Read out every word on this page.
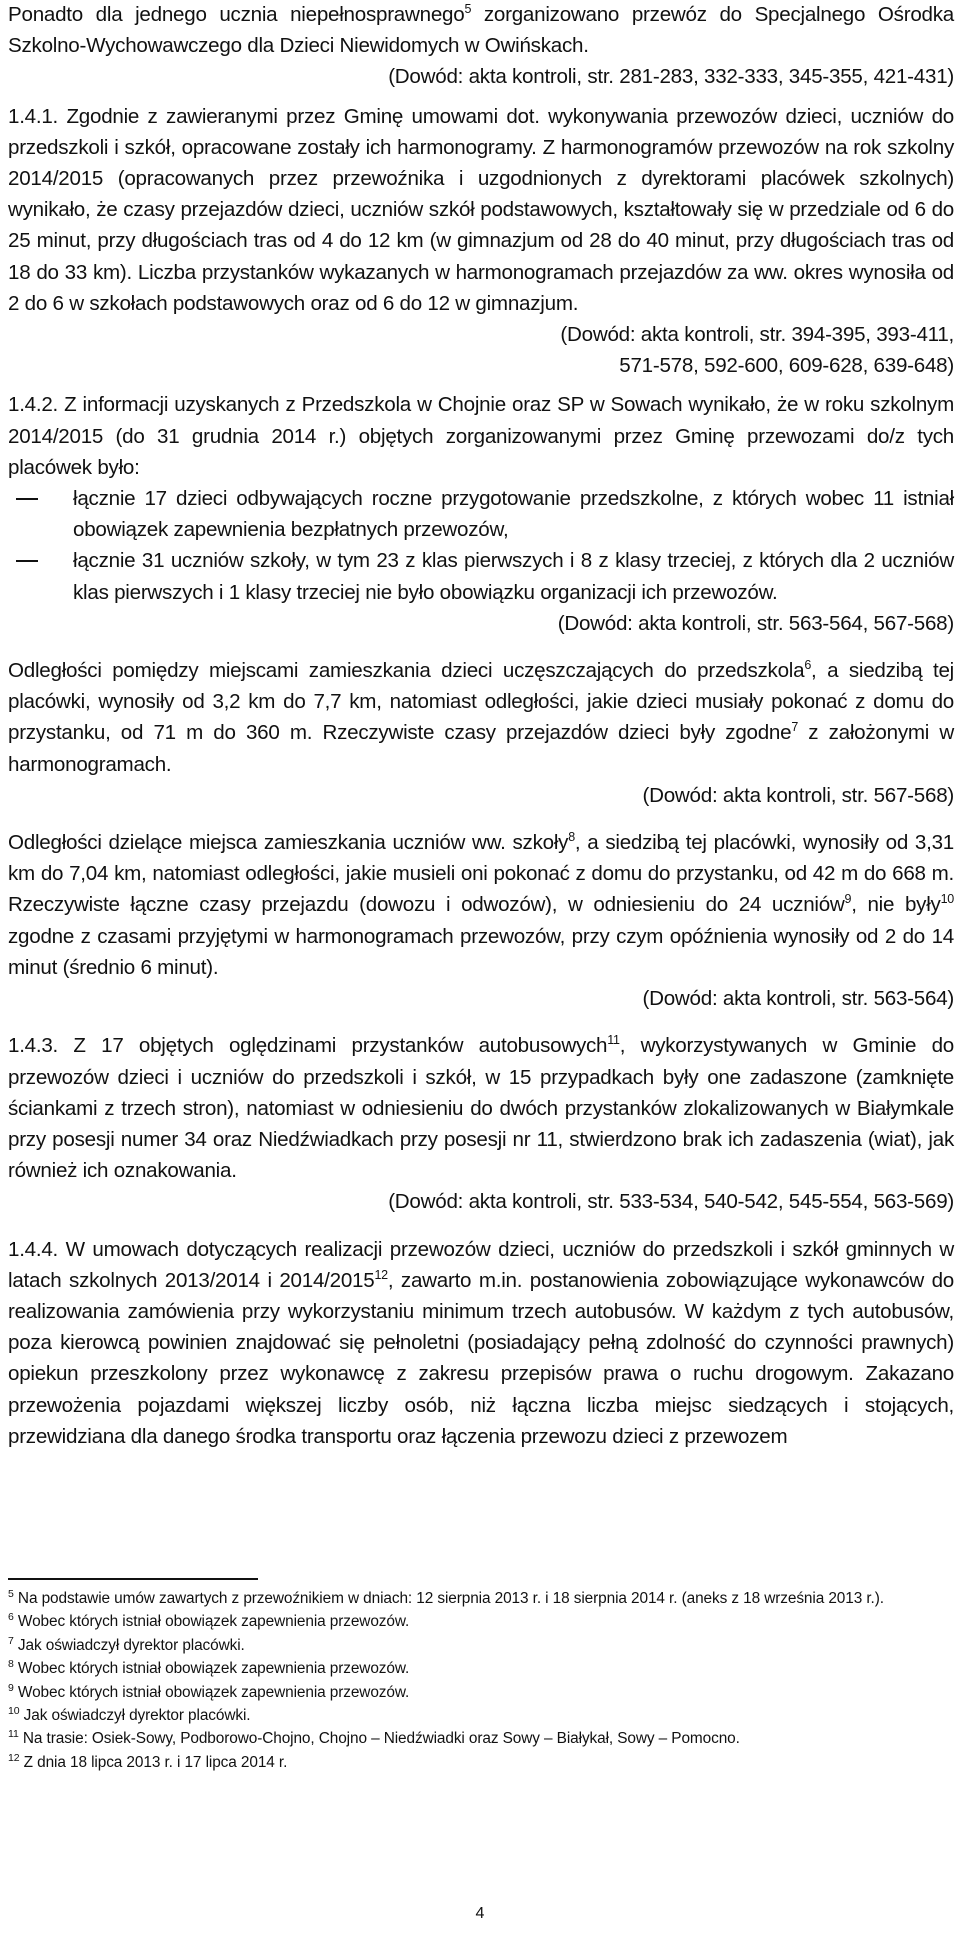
Ponadto dla jednego ucznia niepełnosprawnego$^5$ zorganizowano przewóz do Specjalnego Ośrodka Szkolno-Wychowawczego dla Dzieci Niewidomych w Owińskach.

(Dowód: akta kontroli, str. 281-283, 332-333, 345-355, 421-431)

1.4.1. Zgodnie z zawieranymi przez Gminę umowami dot. wykonywania przewozów dzieci, uczniów do przedszkoli i szkół, opracowane zostały ich harmonogramy. Z harmonogramów przewozów na rok szkolny 2014/2015 (opracowanych przez przewoźnika i uzgodnionych z dyrektorami placówek szkolnych) wynikało, że czasy przejazdów dzieci, uczniów szkół podstawowych, kształtowały się w przedziale od 6 do 25 minut, przy długościach tras od 4 do 12 km (w gimnazjum od 28 do 40 minut, przy długościach tras od 18 do 33 km). Liczba przystanków wykazanych w harmonogramach przejazdów za ww. okres wynosiła od 2 do 6 w szkołach podstawowych oraz od 6 do 12 w gimnazjum.

(Dowód: akta kontroli, str. 394-395, 393-411,

571-578, 592-600, 609-628, 639-648)

1.4.2. Z informacji uzyskanych z Przedszkola w Chojnie oraz SP w Sowach wynikało, że w roku szkolnym 2014/2015 (do 31 grudnia 2014 r.) objętych zorganizowanymi przez Gminę przewozami do/z tych placówek było:

łącznie 17 dzieci odbywających roczne przygotowanie przedszkolne, z których wobec 11 istniał obowiązek zapewnienia bezpłatnych przewozów,
łącznie 31 uczniów szkoły, w tym 23 z klas pierwszych i 8 z klasy trzeciej, z których dla 2 uczniów klas pierwszych i 1 klasy trzeciej nie było obowiązku organizacji ich przewozów.

(Dowód: akta kontroli, str. 563-564, 567-568)

Odległości pomiędzy miejscami zamieszkania dzieci uczęszczających do przedszkola$^6$, a siedzibą tej placówki, wynosiły od 3,2 km do 7,7 km, natomiast odległości, jakie dzieci musiały pokonać z domu do przystanku, od 71 m do 360 m. Rzeczywiste czasy przejazdów dzieci były zgodne$^7$ z założonymi w harmonogramach.

(Dowód: akta kontroli, str. 567-568)

Odległości dzielące miejsca zamieszkania uczniów ww. szkoły$^8$, a siedzibą tej placówki, wynosiły od 3,31 km do 7,04 km, natomiast odległości, jakie musieli oni pokonać z domu do przystanku, od 42 m do 668 m. Rzeczywiste łączne czasy przejazdu (dowozu i odwozów), w odniesieniu do 24 uczniów$^9$, nie były$^{10}$ zgodne z czasami przyjętymi w harmonogramach przewozów, przy czym opóźnienia wynosiły od 2 do 14 minut (średnio 6 minut).

(Dowód: akta kontroli, str. 563-564)

1.4.3. Z 17 objętych oględzinami przystanków autobusowych$^{11}$, wykorzystywanych w Gminie do przewozów dzieci i uczniów do przedszkoli i szkół, w 15 przypadkach były one zadaszone (zamknięte ściankami z trzech stron), natomiast w odniesieniu do dwóch przystanków zlokalizowanych w Białymkale przy posesji numer 34 oraz Niedźwiadkach przy posesji nr 11, stwierdzono brak ich zadaszenia (wiat), jak również ich oznakowania.

(Dowód: akta kontroli, str. 533-534, 540-542, 545-554, 563-569)

1.4.4. W umowach dotyczących realizacji przewozów dzieci, uczniów do przedszkoli i szkół gminnych w latach szkolnych 2013/2014 i 2014/2015$^{12}$, zawarto m.in. postanowienia zobowiązujące wykonawców do realizowania zamówienia przy wykorzystaniu minimum trzech autobusów. W każdym z tych autobusów, poza kierowcą powinien znajdować się pełnoletni (posiadający pełną zdolność do czynności prawnych) opiekun przeszkolony przez wykonawcę z zakresu przepisów prawa o ruchu drogowym. Zakazano przewożenia pojazdami większej liczby osób, niż łączna liczba miejsc siedzących i stojących, przewidziana dla danego środka transportu oraz łączenia przewozu dzieci z przewozem

$^5$ Na podstawie umów zawartych z przewoźnikiem w dniach: 12 sierpnia 2013 r. i 18 sierpnia 2014 r. (aneks z 18 września 2013 r.).

$^6$ Wobec których istniał obowiązek zapewnienia przewozów.

$^7$ Jak oświadczył dyrektor placówki.

$^8$ Wobec których istniał obowiązek zapewnienia przewozów.

$^9$ Wobec których istniał obowiązek zapewnienia przewozów.

$^{10}$ Jak oświadczył dyrektor placówki.

$^{11}$ Na trasie: Osiek-Sowy, Podborowo-Chojno, Chojno – Niedźwiadki oraz Sowy – Białykał, Sowy – Pomocno.

$^{12}$ Z dnia 18 lipca 2013 r. i 17 lipca 2014 r.

4
